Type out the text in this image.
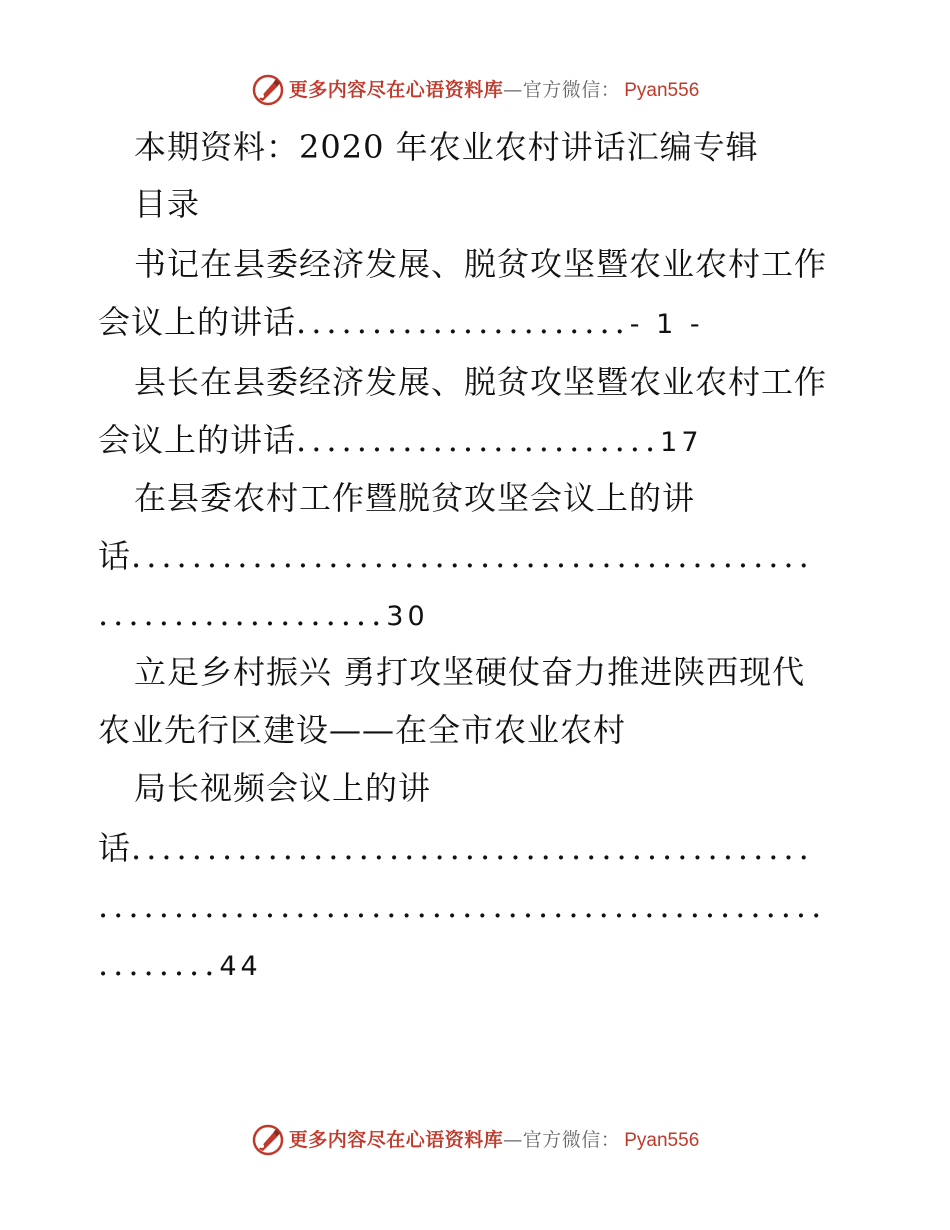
更多内容尽在心语资料库 —官方微信： Pyan556
本期资料：2020 年农业农村讲话汇编专辑
目录
书记在县委经济发展、脱贫攻坚暨农业农村工作
会议上的讲话......................- 1 -
县长在县委经济发展、脱贫攻坚暨农业农村工作
会议上的讲话........................17
在县委农村工作暨脱贫攻坚会议上的讲
话.............................................
...................30
立足乡村振兴 勇打攻坚硬仗奋力推进陕西现代
农业先行区建设——在全市农业农村
局长视频会议上的讲
话.............................................
................................................
........44
更多内容尽在心语资料库 —官方微信： Pyan556
